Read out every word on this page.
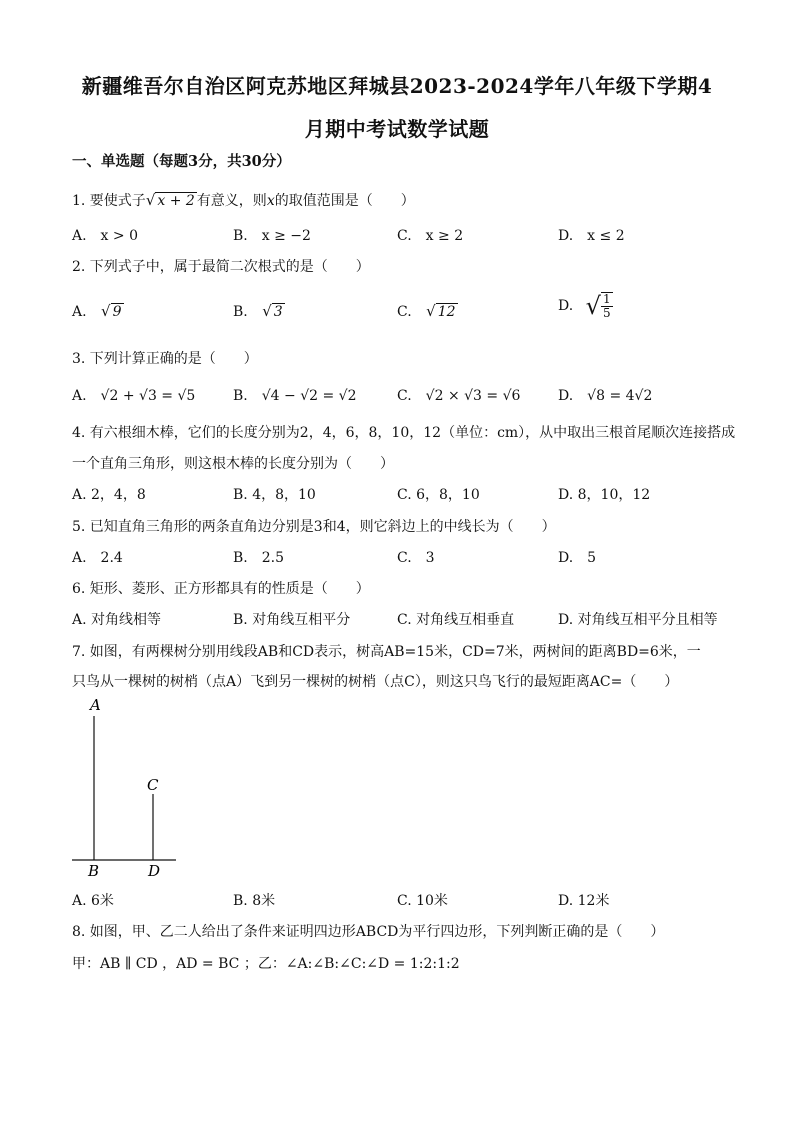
新疆维吾尔自治区阿克苏地区拜城县2023-2024学年八年级下学期4
月期中考试数学试题
一、单选题（每题3分，共30分）
1. 要使式子√ x + 2 有意义，则x的取值范围是（　　）
A.　x > 0	B.　x ≥ −2	C.　x ≥ 2	D.　x ≤ 2
2. 下列式子中，属于最简二次根式的是（　　）
A. √ 9	B. √ 3	C. √ 12	D. √ $\frac{1}{5}$
3. 下列计算正确的是（　　）
A.　√2 + √3 = √5	B.　√4 − √2 = √2	C.　√2 × √3 = √6	D.　√8 = 4√2
4. 有六根细木棒，它们的长度分别为2，4，6，8，10，12（单位：cm），从中取出三根首尾顺次连接搭成
一个直角三角形，则这根木棒的长度分别为（　　）
A. 2，4，8	B. 4，8，10	C. 6，8，10	D. 8，10，12
5. 已知直角三角形的两条直角边分别是3和4，则它斜边上的中线长为（　　）
A.　2.4	B.　2.5	C.　3	D.　5
6. 矩形、菱形、正方形都具有的性质是（　　）
A. 对角线相等	B. 对角线互相平分	C. 对角线互相垂直	D. 对角线互相平分且相等
7. 如图，有两棵树分别用线段AB和CD表示，树高AB=15米，CD=7米，两树间的距离BD=6米，一
只鸟从一棵树的树梢（点A）飞到另一棵树的树梢（点C），则这只鸟飞行的最短距离AC=（　　）
A
C
B	D
A. 6米	B. 8米	C. 10米	D. 12米
8. 如图，甲、乙二人给出了条件来证明四边形ABCD为平行四边形，下列判断正确的是（　　）
甲：AB ∥ CD ，AD = BC ；乙：∠A:∠B:∠C:∠D = 1:2:1:2
